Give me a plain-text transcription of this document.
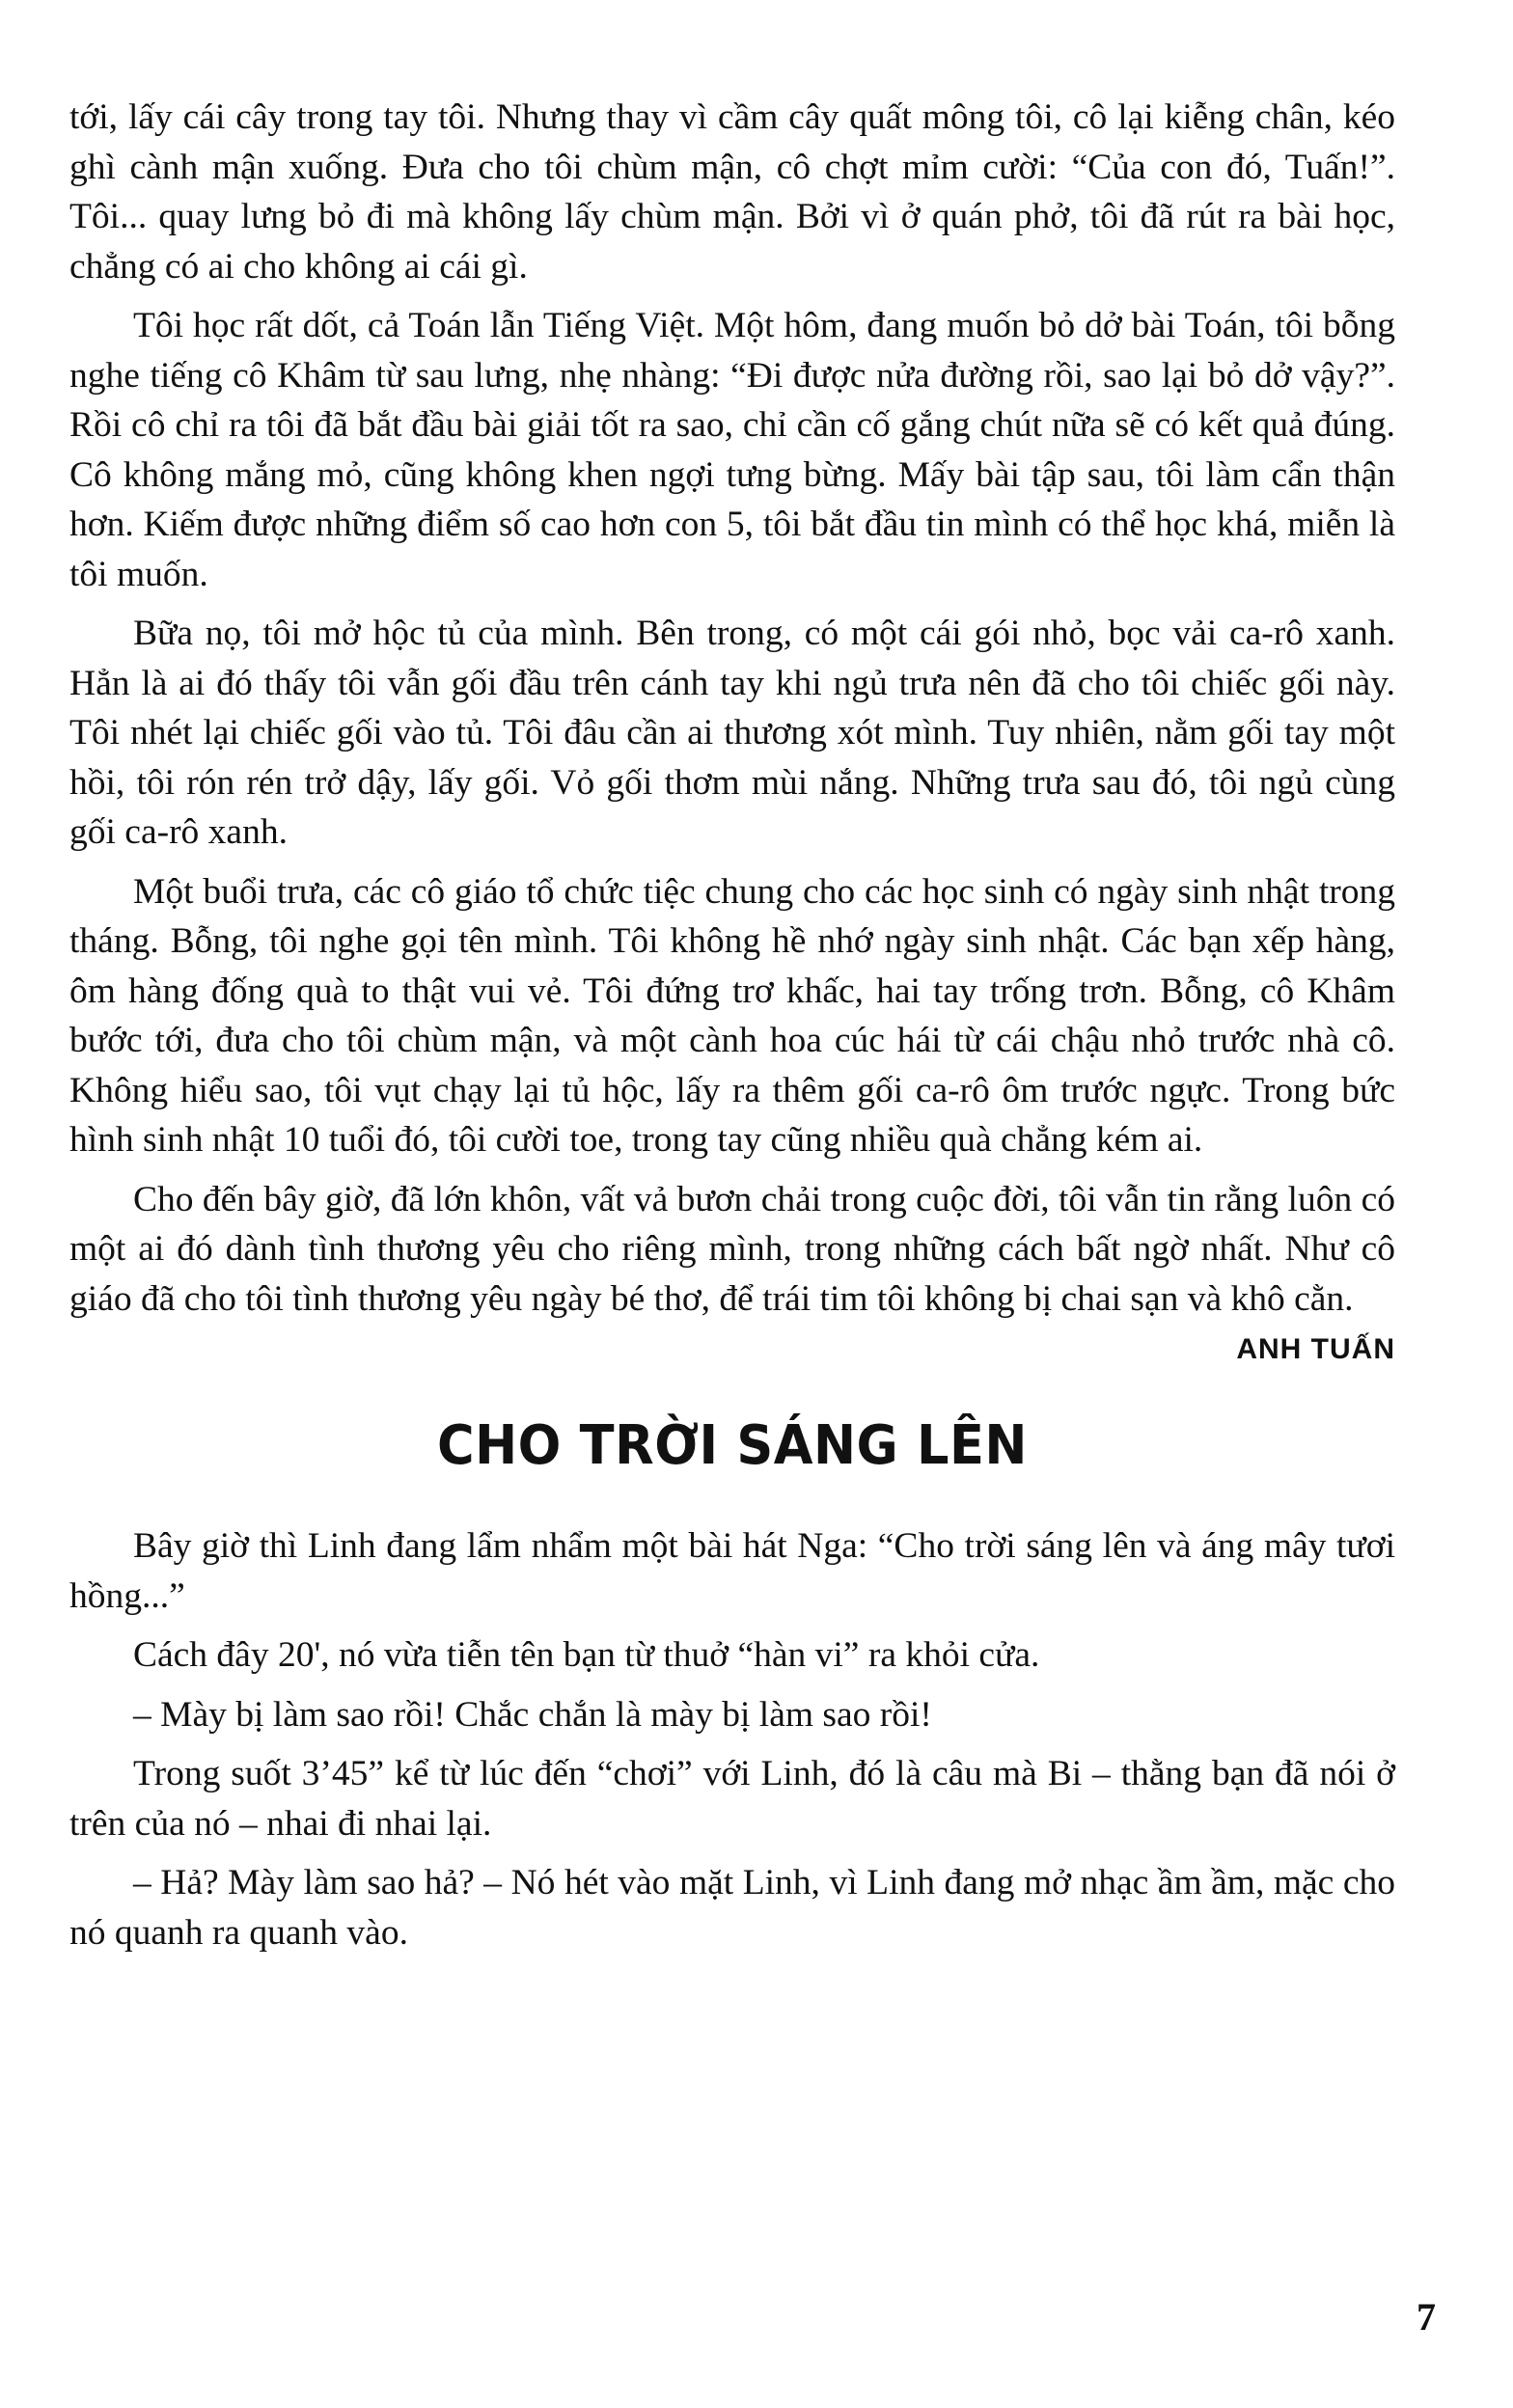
tới, lấy cái cây trong tay tôi. Nhưng thay vì cầm cây quất mông tôi, cô lại kiễng chân, kéo ghì cành mận xuống. Đưa cho tôi chùm mận, cô chợt mỉm cười: “Của con đó, Tuấn!”. Tôi... quay lưng bỏ đi mà không lấy chùm mận. Bởi vì ở quán phở, tôi đã rút ra bài học, chẳng có ai cho không ai cái gì.

Tôi học rất dốt, cả Toán lẫn Tiếng Việt. Một hôm, đang muốn bỏ dở bài Toán, tôi bỗng nghe tiếng cô Khâm từ sau lưng, nhẹ nhàng: “Đi được nửa đường rồi, sao lại bỏ dở vậy?”. Rồi cô chỉ ra tôi đã bắt đầu bài giải tốt ra sao, chỉ cần cố gắng chút nữa sẽ có kết quả đúng. Cô không mắng mỏ, cũng không khen ngợi tưng bừng. Mấy bài tập sau, tôi làm cẩn thận hơn. Kiếm được những điểm số cao hơn con 5, tôi bắt đầu tin mình có thể học khá, miễn là tôi muốn.

Bữa nọ, tôi mở hộc tủ của mình. Bên trong, có một cái gói nhỏ, bọc vải ca-rô xanh. Hẳn là ai đó thấy tôi vẫn gối đầu trên cánh tay khi ngủ trưa nên đã cho tôi chiếc gối này. Tôi nhét lại chiếc gối vào tủ. Tôi đâu cần ai thương xót mình. Tuy nhiên, nằm gối tay một hồi, tôi rón rén trở dậy, lấy gối. Vỏ gối thơm mùi nắng. Những trưa sau đó, tôi ngủ cùng gối ca-rô xanh.

Một buổi trưa, các cô giáo tổ chức tiệc chung cho các học sinh có ngày sinh nhật trong tháng. Bỗng, tôi nghe gọi tên mình. Tôi không hề nhớ ngày sinh nhật. Các bạn xếp hàng, ôm hàng đống quà to thật vui vẻ. Tôi đứng trơ khấc, hai tay trống trơn. Bỗng, cô Khâm bước tới, đưa cho tôi chùm mận, và một cành hoa cúc hái từ cái chậu nhỏ trước nhà cô. Không hiểu sao, tôi vụt chạy lại tủ hộc, lấy ra thêm gối ca-rô ôm trước ngực. Trong bức hình sinh nhật 10 tuổi đó, tôi cười toe, trong tay cũng nhiều quà chẳng kém ai.

Cho đến bây giờ, đã lớn khôn, vất vả bươn chải trong cuộc đời, tôi vẫn tin rằng luôn có một ai đó dành tình thương yêu cho riêng mình, trong những cách bất ngờ nhất. Như cô giáo đã cho tôi tình thương yêu ngày bé thơ, để trái tim tôi không bị chai sạn và khô cằn.

ANH TUẤN
CHO TRỜI SÁNG LÊN

Bây giờ thì Linh đang lẩm nhẩm một bài hát Nga: “Cho trời sáng lên và áng mây tươi hồng...”

Cách đây 20', nó vừa tiễn tên bạn từ thuở “hàn vi” ra khỏi cửa.

– Mày bị làm sao rồi! Chắc chắn là mày bị làm sao rồi!

Trong suốt 3’45” kể từ lúc đến “chơi” với Linh, đó là câu mà Bi – thằng bạn đã nói ở trên của nó – nhai đi nhai lại.

– Hả? Mày làm sao hả? – Nó hét vào mặt Linh, vì Linh đang mở nhạc ầm ầm, mặc cho nó quanh ra quanh vào.

7
